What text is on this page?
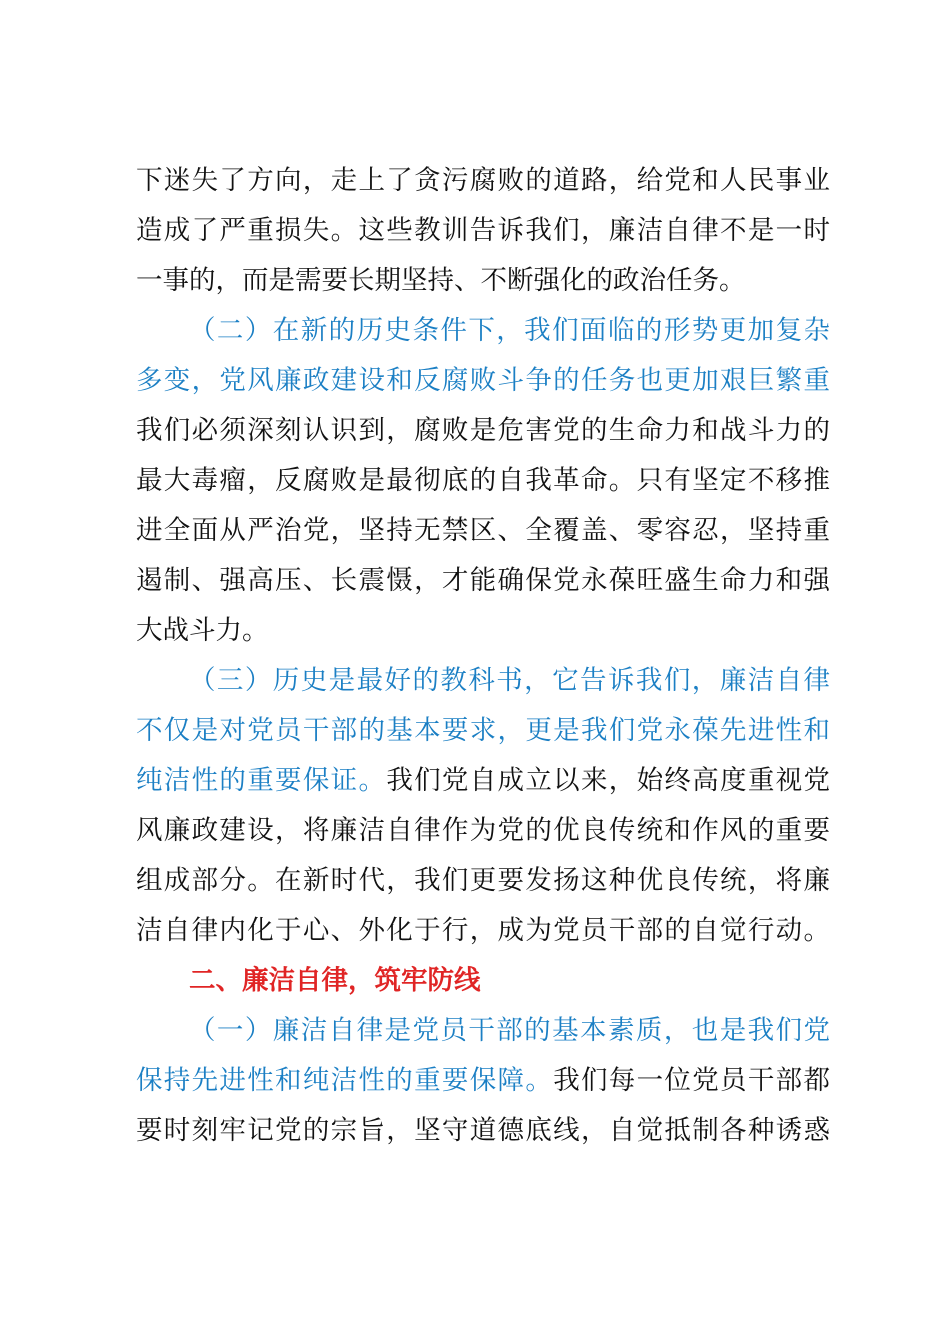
下迷失了方向，走上了贪污腐败的道路，给党和人民事业
造成了严重损失。这些教训告诉我们，廉洁自律不是一时
一事的，而是需要长期坚持、不断强化的政治任务。
（二）在新的历史条件下，我们面临的形势更加复杂
多变，党风廉政建设和反腐败斗争的任务也更加艰巨繁重
我们必须深刻认识到，腐败是危害党的生命力和战斗力的
最大毒瘤，反腐败是最彻底的自我革命。只有坚定不移推
进全面从严治党，坚持无禁区、全覆盖、零容忍，坚持重
遏制、强高压、长震慑，才能确保党永葆旺盛生命力和强
大战斗力。
（三）历史是最好的教科书，它告诉我们，廉洁自律
不仅是对党员干部的基本要求，更是我们党永葆先进性和
纯洁性的重要保证。我们党自成立以来，始终高度重视党
风廉政建设，将廉洁自律作为党的优良传统和作风的重要
组成部分。在新时代，我们更要发扬这种优良传统，将廉
洁自律内化于心、外化于行，成为党员干部的自觉行动。
二、廉洁自律，筑牢防线
（一）廉洁自律是党员干部的基本素质，也是我们党
保持先进性和纯洁性的重要保障。我们每一位党员干部都
要时刻牢记党的宗旨，坚守道德底线，自觉抵制各种诱惑
